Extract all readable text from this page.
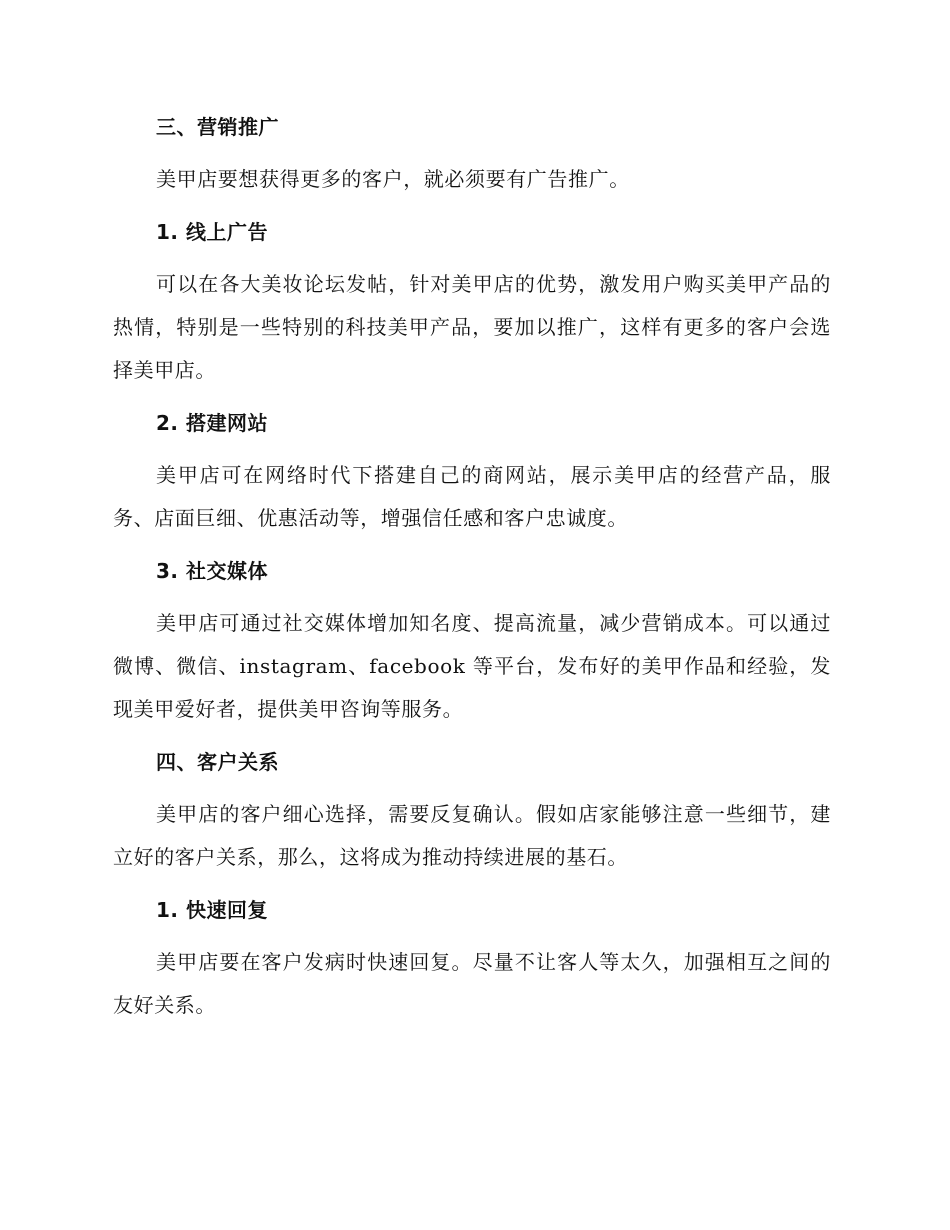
三、营销推广

美甲店要想获得更多的客户，就必须要有广告推广。

1. 线上广告

可以在各大美妆论坛发帖，针对美甲店的优势，激发用户购买美甲产品的热情，特别是一些特别的科技美甲产品，要加以推广，这样有更多的客户会选择美甲店。

2. 搭建网站

美甲店可在网络时代下搭建自己的商网站，展示美甲店的经营产品，服务、店面巨细、优惠活动等，增强信任感和客户忠诚度。

3. 社交媒体

美甲店可通过社交媒体增加知名度、提高流量，减少营销成本。可以通过微博、微信、instagram、facebook 等平台，发布好的美甲作品和经验，发现美甲爱好者，提供美甲咨询等服务。

四、客户关系

美甲店的客户细心选择，需要反复确认。假如店家能够注意一些细节，建立好的客户关系，那么，这将成为推动持续进展的基石。

1. 快速回复

美甲店要在客户发病时快速回复。尽量不让客人等太久，加强相互之间的友好关系。
